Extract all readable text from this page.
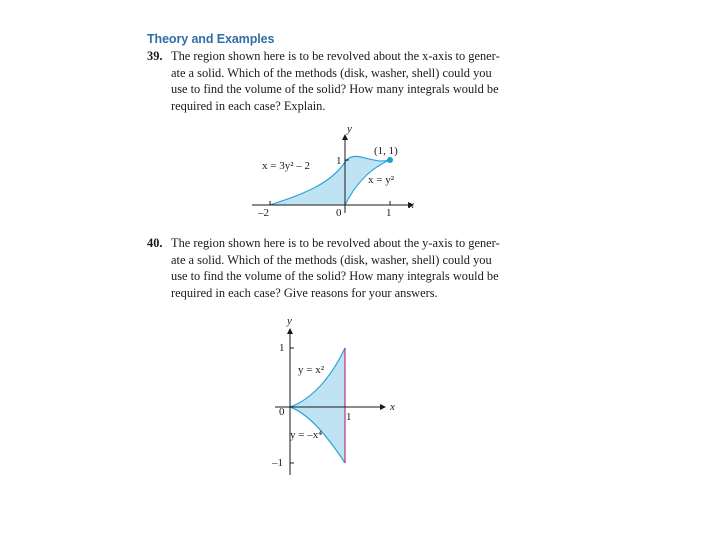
Theory and Examples
39. The region shown here is to be revolved about the x-axis to gener-
ate a solid. Which of the methods (disk, washer, shell) could you
use to find the volume of the solid? How many integrals would be
required in each case? Explain.
40. The region shown here is to be revolved about the y-axis to gener-
ate a solid. Which of the methods (disk, washer, shell) could you
use to find the volume of the solid? How many integrals would be
required in each case? Give reasons for your answers.
y
x
(1, 1)
x = 3y² – 2
x = y²
1
–2	0	1
y
x
y = x²
y = –x⁴
1
0	1
–1
